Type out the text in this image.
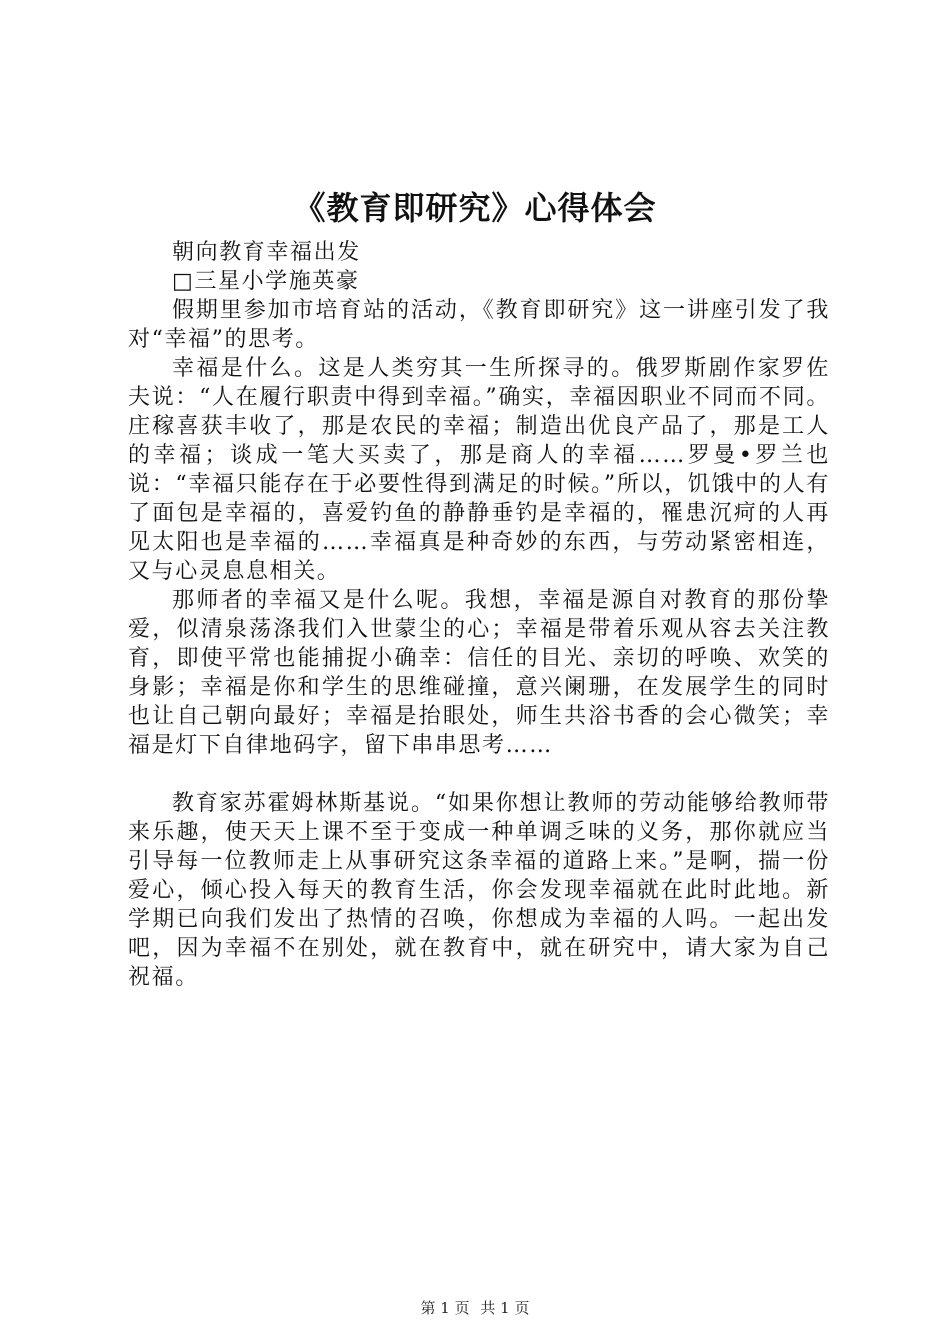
《教育即研究》心得体会

朝向教育幸福出发

□三星小学施英豪

假期里参加市培育站的活动，《教育即研究》这一讲座引发了我对“幸福”的思考。

幸福是什么。这是人类穷其一生所探寻的。俄罗斯剧作家罗佐夫说：“人在履行职责中得到幸福。”确实，幸福因职业不同而不同。庄稼喜获丰收了，那是农民的幸福；制造出优良产品了，那是工人的幸福；谈成一笔大买卖了，那是商人的幸福……罗曼•罗兰也说：“幸福只能存在于必要性得到满足的时候。”所以，饥饿中的人有了面包是幸福的，喜爱钓鱼的静静垂钓是幸福的，罹患沉疴的人再见太阳也是幸福的……幸福真是种奇妙的东西，与劳动紧密相连，又与心灵息息相关。

那师者的幸福又是什么呢。我想，幸福是源自对教育的那份挚爱，似清泉荡涤我们入世蒙尘的心；幸福是带着乐观从容去关注教育，即使平常也能捕捉小确幸：信任的目光、亲切的呼唤、欢笑的身影；幸福是你和学生的思维碰撞，意兴阑珊，在发展学生的同时也让自己朝向最好；幸福是抬眼处，师生共浴书香的会心微笑；幸福是灯下自律地码字，留下串串思考……

教育家苏霍姆林斯基说。“如果你想让教师的劳动能够给教师带来乐趣，使天天上课不至于变成一种单调乏味的义务，那你就应当引导每一位教师走上从事研究这条幸福的道路上来。”是啊，揣一份爱心，倾心投入每天的教育生活，你会发现幸福就在此时此地。新学期已向我们发出了热情的召唤，你想成为幸福的人吗。一起出发吧，因为幸福不在别处，就在教育中，就在研究中，请大家为自己祝福。

第 1 页 共 1 页
